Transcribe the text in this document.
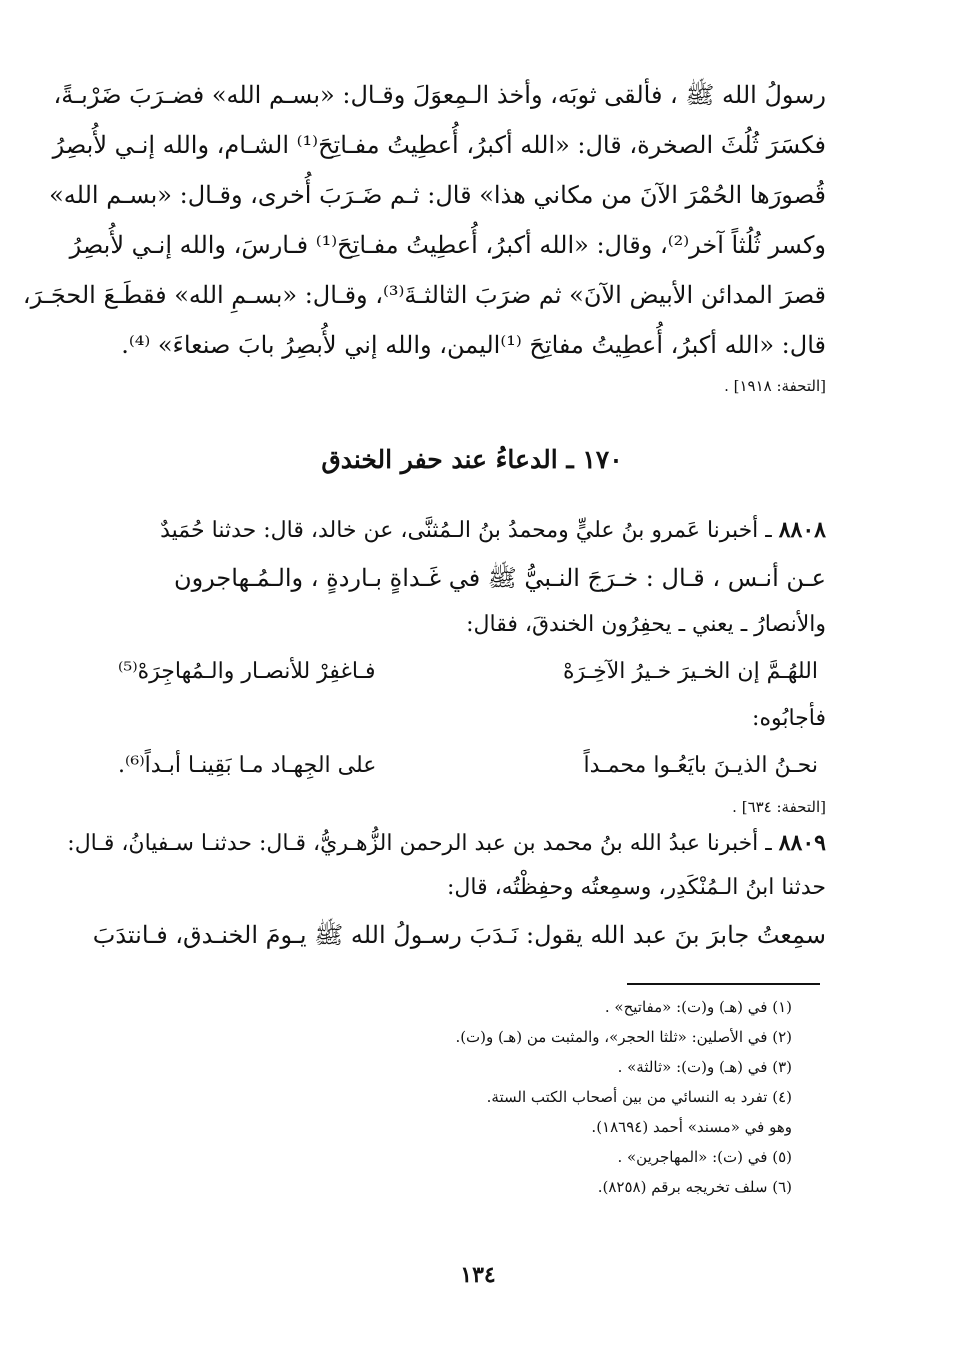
رسولُ الله ﷺ ، فألقى ثوبَه، وأخذ الـمِعوَلَ وقـال: «بسـم الله» فضـرَبَ ضَرْبـةً،
فكسَرَ ثُلُثَ الصخرة، قال: «الله أكبرُ، أُعطِيتُ مفـاتِحَ⁽¹⁾ الشـام، والله إنـي لأُبصِرُ
قُصورَها الحُمْرَ الآنَ من مكاني هذا» قال: ثـم ضَـرَبَ أُخرى، وقـال: «بسـم الله»
وكسر ثُلُثاً آخر⁽²⁾، وقال: «الله أكبرُ، أُعطِيتُ مفـاتِحَ⁽¹⁾ فـارسَ، والله إنـي لأُبصِرُ
قصرَ المدائن الأبيض الآنَ» ثم ضرَبَ الثالثـةَ⁽³⁾، وقـال: «بسـمِ الله» فقطَـعَ الحجَـرَ،
قال: «الله أكبرُ، أُعطِيتُ مفاتِحَ ⁽¹⁾اليمن، والله إني لأُبصِرُ بابَ صنعاءَ» ⁽⁴⁾.
[التحفة: ١٩١٨] .
١٧٠ ـ الدعاءُ عند حفر الخندق
٨٨٠٨ ـ أخبرنا عَمرو بنُ عليٍّ ومحمدُ بنُ الـمُثنَّى، عن خالد، قال: حدثنا حُمَيدٌ
عـن أنـس ، قـال : خـرَجَ النـبيُّ ﷺ في غَـداةٍ بـاردةٍ ، والـمُـهاجرون
والأنصارُ ـ يعني ـ يحفِرُون الخندقَ، فقال:
اللهُـمَّ إن الخـيرَ خـيرُ الآخِـرَهْ
فـاغفِرْ للأنصـار والـمُهاجِرَهْ⁽⁵⁾
فأجابُوه:
نحـنُ الذيـنَ بايَعُـوا محمـداً
على الجِهـاد مـا بَقِينـا أبـداً⁽⁶⁾.
[التحفة: ٦٣٤] .
٨٨٠٩ ـ أخبرنا عبدُ الله بنُ محمد بن عبد الرحمن الزُّهـريُّ، قـال: حدثنـا سـفيانُ، قـال:
حدثنا ابنُ الـمُنْكَدِر، وسمِعتُه وحفِظْتُه، قال:
سمِعتُ جابرَ بنَ عبد الله يقول: نَـدَبَ رسـولُ الله ﷺ يـومَ الخنـدق، فـانتدَبَ
(١) في (هـ) و(ت): «مفاتيح» .
(٢) في الأصلين: «ثلثا الحجر»، والمثبت من (هـ) و(ت).
(٣) في (هـ) و(ت): «ثالثة» .
(٤) تفرد به النسائي من بين أصحاب الكتب الستة.
وهو في «مسند» أحمد (١٨٦٩٤).
(٥) في (ت): «المهاجرين» .
(٦) سلف تخريجه برقم (٨٢٥٨).
١٣٤
